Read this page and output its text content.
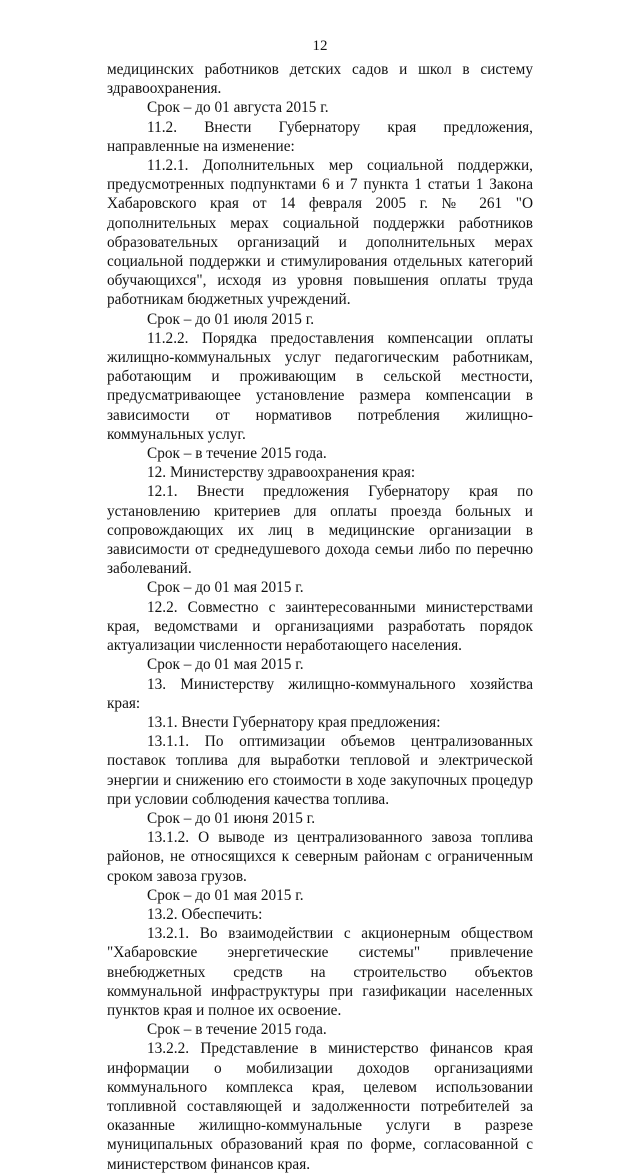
12

медицинских работников детских садов и школ в систему здравоохранения.

Срок – до 01 августа 2015 г.

11.2. Внести Губернатору края предложения, направленные на изменение:

11.2.1. Дополнительных мер социальной поддержки, предусмотренных подпунктами 6 и 7 пункта 1 статьи 1 Закона Хабаровского края от 14 февраля 2005 г. № 261 "О дополнительных мерах социальной поддержки работников образовательных организаций и дополнительных мерах социальной поддержки и стимулирования отдельных категорий обучающихся", исходя из уровня повышения оплаты труда работникам бюджетных учреждений.

Срок – до 01 июля 2015 г.

11.2.2. Порядка предоставления компенсации оплаты жилищно-коммунальных услуг педагогическим работникам, работающим и проживающим в сельской местности, предусматривающее установление размера компенсации в зависимости от нормативов потребления жилищно-коммунальных услуг.

Срок – в течение 2015 года.

12. Министерству здравоохранения края:

12.1. Внести предложения Губернатору края по установлению критериев для оплаты проезда больных и сопровождающих их лиц в медицинские организации в зависимости от среднедушевого дохода семьи либо по перечню заболеваний.

Срок – до 01 мая 2015 г.

12.2. Совместно с заинтересованными министерствами края, ведомствами и организациями разработать порядок актуализации численности неработающего населения.

Срок – до 01 мая 2015 г.

13. Министерству жилищно-коммунального хозяйства края:

13.1. Внести Губернатору края предложения:

13.1.1. По оптимизации объемов централизованных поставок топлива для выработки тепловой и электрической энергии и снижению его стоимости в ходе закупочных процедур при условии соблюдения качества топлива.

Срок – до 01 июня 2015 г.

13.1.2. О выводе из централизованного завоза топлива районов, не относящихся к северным районам с ограниченным сроком завоза грузов.

Срок – до 01 мая 2015 г.

13.2. Обеспечить:

13.2.1. Во взаимодействии с акционерным обществом "Хабаровские энергетические системы" привлечение внебюджетных средств на строительство объектов коммунальной инфраструктуры при газификации населенных пунктов края и полное их освоение.

Срок – в течение 2015 года.

13.2.2. Представление в министерство финансов края информации о мобилизации доходов организациями коммунального комплекса края, целевом использовании топливной составляющей и задолженности потребителей за оказанные жилищно-коммунальные услуги в разрезе муниципальных образований края по форме, согласованной с министерством финансов края.
